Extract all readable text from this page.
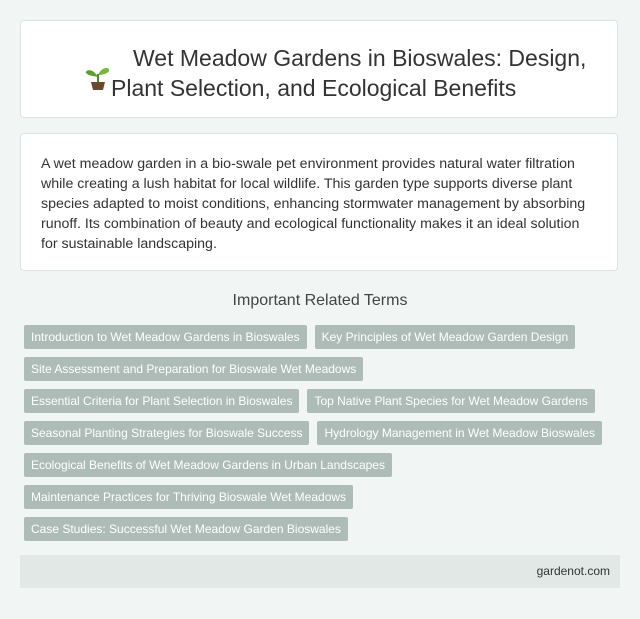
Wet Meadow Gardens in Bioswales: Design, Plant Selection, and Ecological Benefits

A wet meadow garden in a bio-swale pet environment provides natural water filtration while creating a lush habitat for local wildlife. This garden type supports diverse plant species adapted to moist conditions, enhancing stormwater management by absorbing runoff. Its combination of beauty and ecological functionality makes it an ideal solution for sustainable landscaping.

Important Related Terms
Introduction to Wet Meadow Gardens in Bioswales	Key Principles of Wet Meadow Garden Design
Site Assessment and Preparation for Bioswale Wet Meadows
Essential Criteria for Plant Selection in Bioswales	Top Native Plant Species for Wet Meadow Gardens
Seasonal Planting Strategies for Bioswale Success	Hydrology Management in Wet Meadow Bioswales
Ecological Benefits of Wet Meadow Gardens in Urban Landscapes
Maintenance Practices for Thriving Bioswale Wet Meadows
Case Studies: Successful Wet Meadow Garden Bioswales
gardenot.com
